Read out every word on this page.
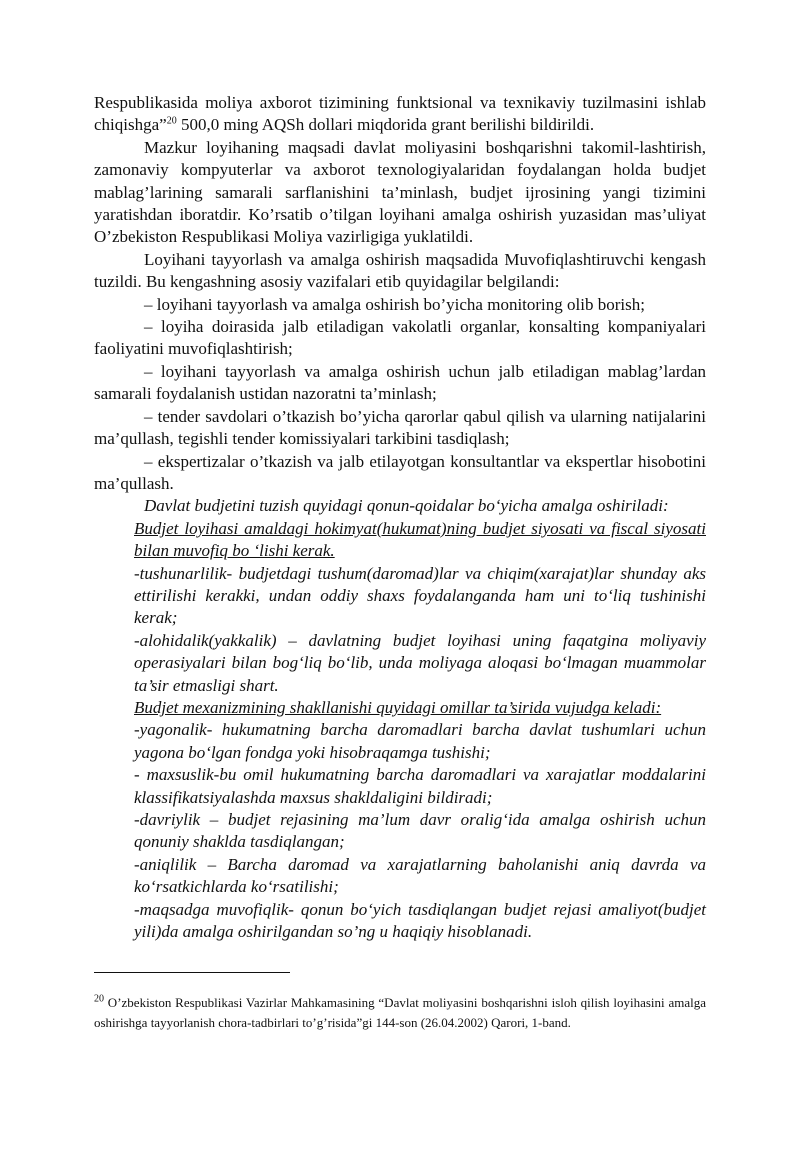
Respublikasida moliya axborot tizimining funktsional va texnikaviy tuzilmasini ishlab chiqishga”$^{20}$ 500,0 ming AQSh dollari miqdorida grant berilishi bildirildi.

Mazkur loyihaning maqsadi davlat moliyasini boshqarishni takomil-lashtirish, zamonaviy kompyuterlar va axborot texnologiyalaridan foydalangan holda budjet mablag’larining samarali sarflanishini ta’minlash, budjet ijrosining yangi tizimini yaratishdan iboratdir. Ko’rsatib o’tilgan loyihani amalga oshirish yuzasidan mas’uliyat O’zbekiston Respublikasi Moliya vazirligiga yuklatildi.

Loyihani tayyorlash va amalga oshirish maqsadida Muvofiqlashtiruvchi kengash tuzildi. Bu kengashning asosiy vazifalari etib quyidagilar belgilandi:

– loyihani tayyorlash va amalga oshirish bo’yicha monitoring olib borish;

– loyiha doirasida jalb etiladigan vakolatli organlar, konsalting kompaniyalari faoliyatini muvofiqlashtirish;

– loyihani tayyorlash va amalga oshirish uchun jalb etiladigan mablag’lardan samarali foydalanish ustidan nazoratni ta’minlash;

– tender savdolari o’tkazish bo’yicha qarorlar qabul qilish va ularning natijalarini ma’qullash, tegishli tender komissiyalari tarkibini tasdiqlash;

– ekspertizalar o’tkazish va jalb etilayotgan konsultantlar va ekspertlar hisobotini ma’qullash.

Davlat budjetini tuzish quyidagi qonun-qoidalar bo‘yicha amalga oshiriladi:

Budjet loyihasi amaldagi hokimyat(hukumat)ning budjet siyosati va fiscal siyosati bilan muvofiq bo ‘lishi kerak.

-tushunarlilik- budjetdagi tushum(daromad)lar va chiqim(xarajat)lar shunday aks ettirilishi kerakki, undan oddiy shaxs foydalanganda ham uni to‘liq tushinishi kerak;

-alohidalik(yakkalik) – davlatning budjet loyihasi uning faqatgina moliyaviy operasiyalari bilan bog‘liq bo‘lib, unda moliyaga aloqasi bo‘lmagan muammolar ta’sir etmasligi shart.

Budjet mexanizmining shakllanishi quyidagi omillar ta’sirida vujudga keladi:

-yagonalik- hukumatning barcha daromadlari barcha davlat tushumlari uchun yagona bo‘lgan fondga yoki hisobraqamga tushishi;

- maxsuslik-bu omil hukumatning barcha daromadlari va xarajatlar moddalarini klassifikatsiyalashda maxsus shakldaligini bildiradi;

-davriylik – budjet rejasining ma’lum davr oralig‘ida amalga oshirish uchun qonuniy shaklda tasdiqlangan;

-aniqlilik – Barcha daromad va xarajatlarning baholanishi aniq davrda va ko‘rsatkichlarda ko‘rsatilishi;

-maqsadga muvofiqlik- qonun bo‘yich tasdiqlangan budjet rejasi amaliyot(budjet yili)da amalga oshirilgandan so’ng u haqiqiy hisoblanadi.

$^{20}$ O’zbekiston Respublikasi Vazirlar Mahkamasining “Davlat moliyasini boshqarishni isloh qilish loyihasini amalga oshirishga tayyorlanish chora-tadbirlari to’g’risida”gi 144-son (26.04.2002) Qarori, 1-band.
